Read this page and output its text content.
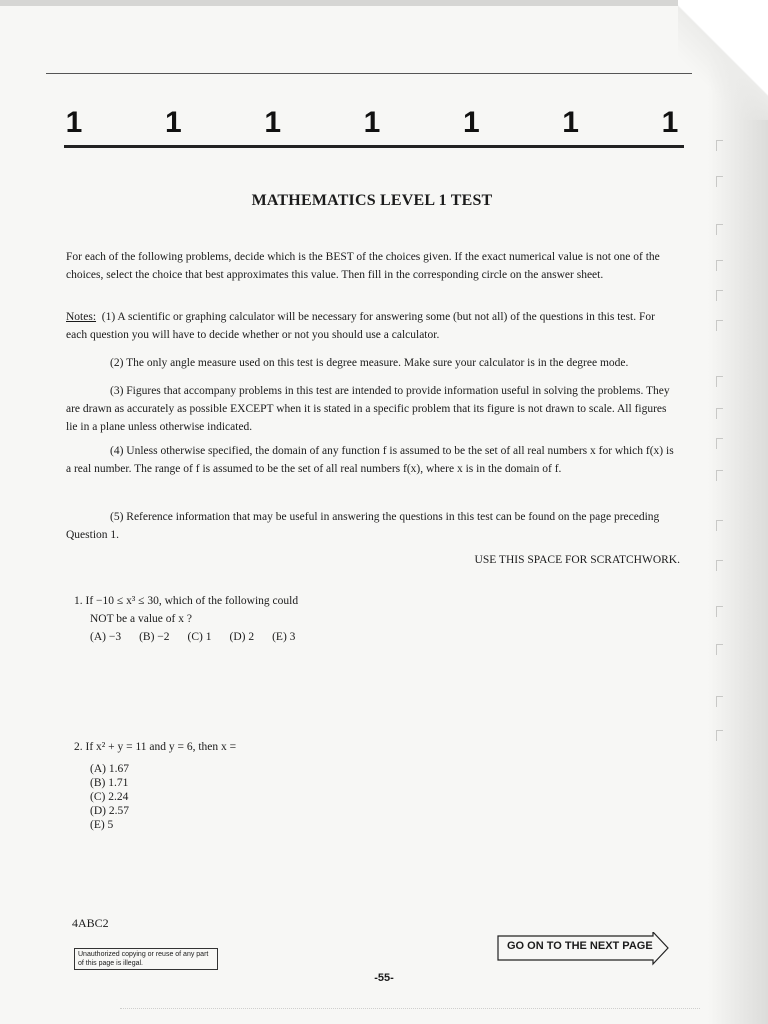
1	1	1	1	1	1	1
MATHEMATICS LEVEL 1 TEST
For each of the following problems, decide which is the BEST of the choices given. If the exact numerical value is not one of the choices, select the choice that best approximates this value. Then fill in the corresponding circle on the answer sheet.
Notes: (1) A scientific or graphing calculator will be necessary for answering some (but not all) of the questions in this test. For each question you will have to decide whether or not you should use a calculator.
(2) The only angle measure used on this test is degree measure. Make sure your calculator is in the degree mode.
(3) Figures that accompany problems in this test are intended to provide information useful in solving the problems. They are drawn as accurately as possible EXCEPT when it is stated in a specific problem that its figure is not drawn to scale. All figures lie in a plane unless otherwise indicated.
(4) Unless otherwise specified, the domain of any function f is assumed to be the set of all real numbers x for which f(x) is a real number. The range of f is assumed to be the set of all real numbers f(x), where x is in the domain of f.
(5) Reference information that may be useful in answering the questions in this test can be found on the page preceding Question 1.
USE THIS SPACE FOR SCRATCHWORK.
1. If −10 ≤ x³ ≤ 30, which of the following could
NOT be a value of x ?
(A) −3 (B) −2 (C) 1 (D) 2 (E) 3
2. If x² + y = 11 and y = 6, then x =
(A) 1.67
(B) 1.71
(C) 2.24
(D) 2.57
(E) 5
4ABC2
Unauthorized copying or reuse of any part of this page is illegal.
GO ON TO THE NEXT PAGE
-55-
